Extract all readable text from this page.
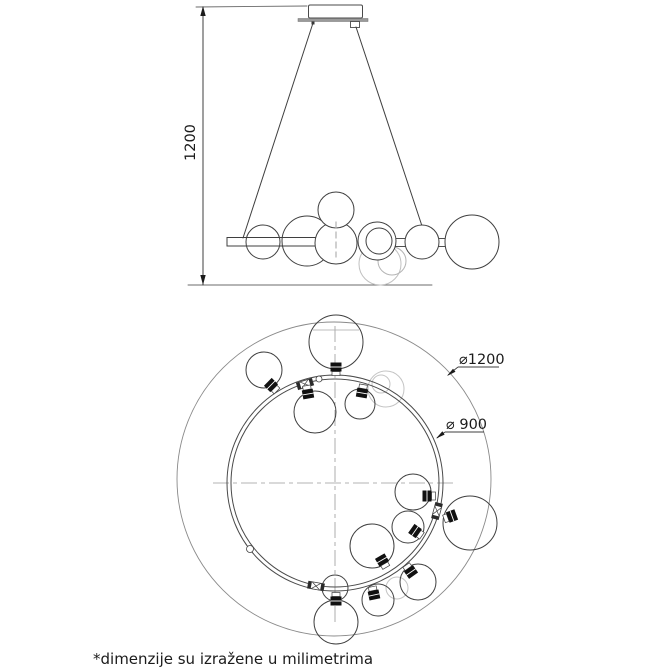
1200
⌀1200
⌀ 900
*dimenzije su izražene u milimetrima
